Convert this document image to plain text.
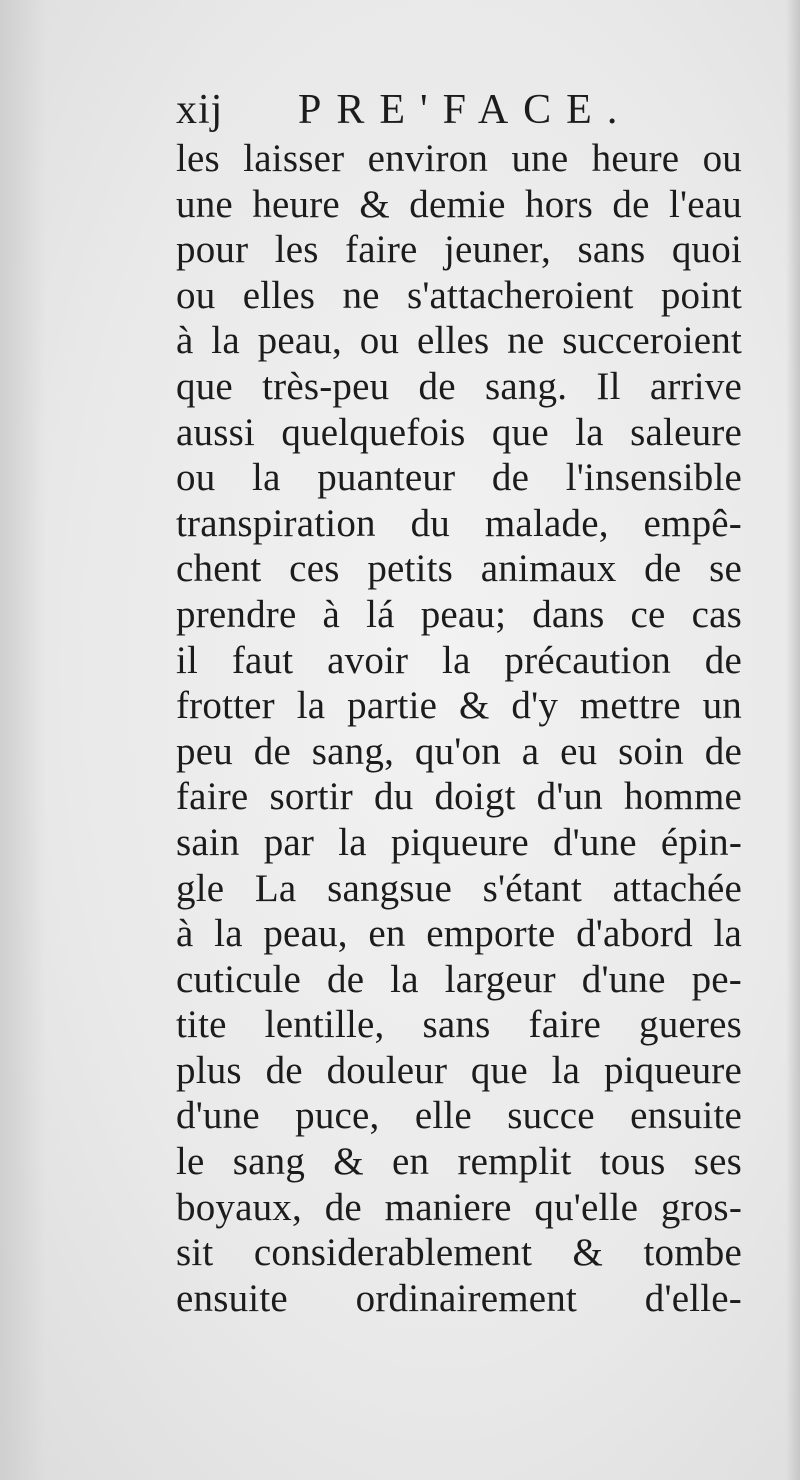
xij PRE'FACE.
les laisser environ une heure ou
une heure & demie hors de l'eau
pour les faire jeuner, sans quoi
ou elles ne s'attacheroient point
à la peau, ou elles ne succeroient
que très-peu de sang. Il arrive
aussi quelquefois que la saleure
ou la puanteur de l'insensible
transpiration du malade, empê-
chent ces petits animaux de se
prendre à lá peau; dans ce cas
il faut avoir la précaution de
frotter la partie & d'y mettre un
peu de sang, qu'on a eu soin de
faire sortir du doigt d'un homme
sain par la piqueure d'une épin-
gle La sangsue s'étant attachée
à la peau, en emporte d'abord la
cuticule de la largeur d'une pe-
tite lentille, sans faire gueres
plus de douleur que la piqueure
d'une puce, elle succe ensuite
le sang & en remplit tous ses
boyaux, de maniere qu'elle gros-
sit considerablement & tombe
ensuite ordinairement d'elle-
